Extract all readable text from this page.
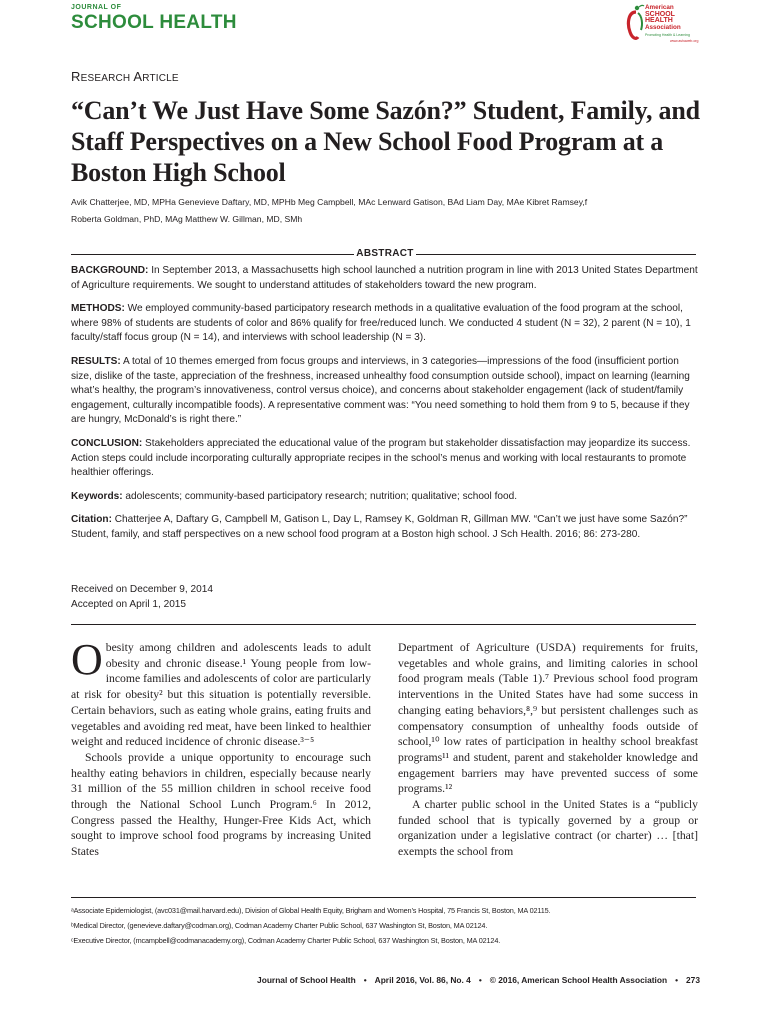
JOURNAL OF
SCHOOL HEALTH
American
SCHOOL
HEALTH
Association
Promoting Health & Learning
www.ashaweb.org
RESEARCH ARTICLE
“Can’t We Just Have Some Sazón?” Student, Family, and Staff Perspectives on a New School Food Program at a Boston High School
Avik Chatterjee, MD, MPHa Genevieve Daftary, MD, MPHb Meg Campbell, MAc Lenward Gatison, BAd Liam Day, MAe Kibret Ramsey,f
Roberta Goldman, PhD, MAg Matthew W. Gillman, MD, SMh
ABSTRACT

BACKGROUND: In September 2013, a Massachusetts high school launched a nutrition program in line with 2013 United States Department of Agriculture requirements. We sought to understand attitudes of stakeholders toward the new program.

METHODS: We employed community-based participatory research methods in a qualitative evaluation of the food program at the school, where 98% of students are students of color and 86% qualify for free/reduced lunch. We conducted 4 student (N = 32), 2 parent (N = 10), 1 faculty/staff focus group (N = 14), and interviews with school leadership (N = 3).

RESULTS: A total of 10 themes emerged from focus groups and interviews, in 3 categories—impressions of the food (insufficient portion size, dislike of the taste, appreciation of the freshness, increased unhealthy food consumption outside school), impact on learning (learning what’s healthy, the program’s innovativeness, control versus choice), and concerns about stakeholder engagement (lack of student/family engagement, culturally incompatible foods). A representative comment was: “You need something to hold them from 9 to 5, because if they are hungry, McDonald’s is right there.”

CONCLUSION: Stakeholders appreciated the educational value of the program but stakeholder dissatisfaction may jeopardize its success. Action steps could include incorporating culturally appropriate recipes in the school’s menus and working with local restaurants to promote healthier offerings.

Keywords: adolescents; community-based participatory research; nutrition; qualitative; school food.

Citation: Chatterjee A, Daftary G, Campbell M, Gatison L, Day L, Ramsey K, Goldman R, Gillman MW. “Can’t we just have some Sazón?” Student, family, and staff perspectives on a new school food program at a Boston high school. J Sch Health. 2016; 86: 273-280.

Received on December 9, 2014
Accepted on April 1, 2015

Obesity among children and adolescents leads to adult obesity and chronic disease.¹ Young people from low-income families and adolescents of color are particularly at risk for obesity² but this situation is potentially reversible. Certain behaviors, such as eating whole grains, eating fruits and vegetables and avoiding red meat, have been linked to healthier weight and reduced incidence of chronic disease.³⁻⁵

Schools provide a unique opportunity to encourage such healthy eating behaviors in children, especially because nearly 31 million of the 55 million children in school receive food through the National School Lunch Program.⁶ In 2012, Congress passed the Healthy, Hunger-Free Kids Act, which sought to improve school food programs by increasing United States

Department of Agriculture (USDA) requirements for fruits, vegetables and whole grains, and limiting calories in school food program meals (Table 1).⁷ Previous school food program interventions in the United States have had some success in changing eating behaviors,⁸,⁹ but persistent challenges such as compensatory consumption of unhealthy foods outside of school,¹⁰ low rates of participation in healthy school breakfast programs¹¹ and student, parent and stakeholder knowledge and engagement barriers may have prevented success of some programs.¹²

A charter public school in the United States is a “publicly funded school that is typically governed by a group or organization under a legislative contract (or charter) … [that] exempts the school from

ᵃAssociate Epidemiologist, (avc031@mail.harvard.edu), Division of Global Health Equity, Brigham and Women’s Hospital, 75 Francis St, Boston, MA 02115.
ᵇMedical Director, (genevieve.daftary@codman.org), Codman Academy Charter Public School, 637 Washington St, Boston, MA 02124.
ᶜExecutive Director, (mcampbell@codmanacademy.org), Codman Academy Charter Public School, 637 Washington St, Boston, MA 02124.
Journal of School Health • April 2016, Vol. 86, No. 4 • © 2016, American School Health Association • 273
